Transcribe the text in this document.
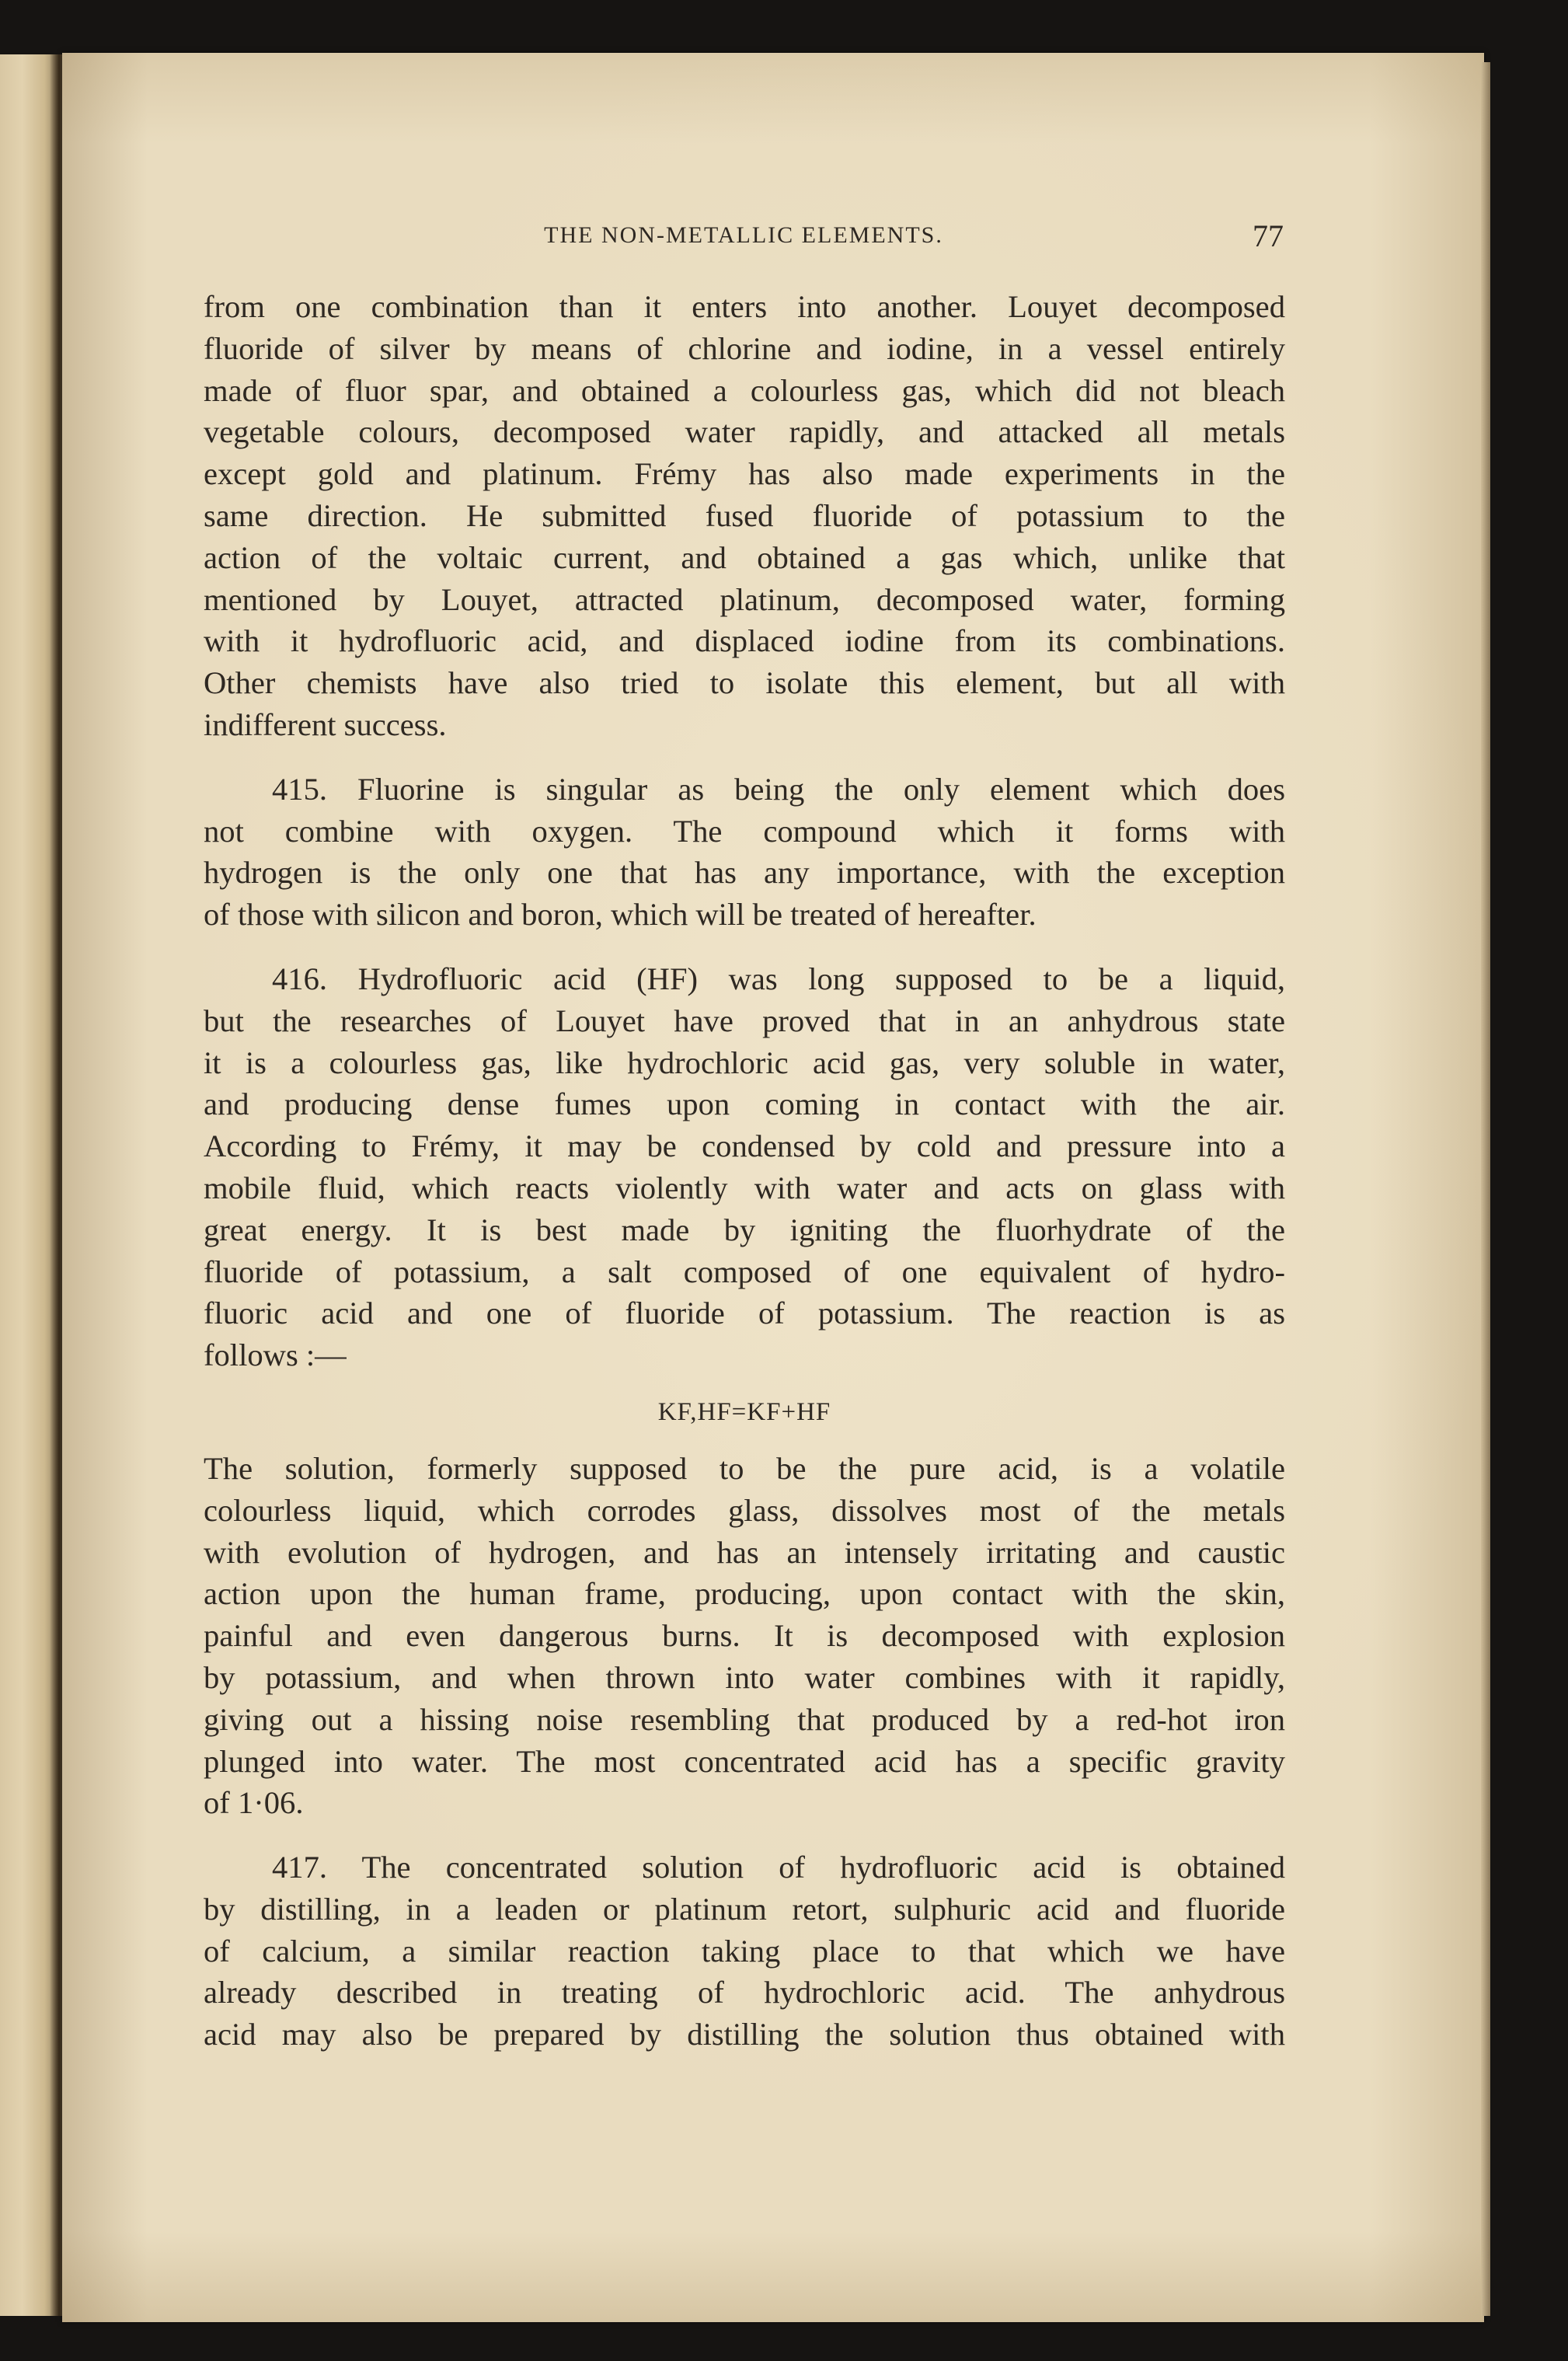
THE NON-METALLIC ELEMENTS.	77
from one combination than it enters into another. Louyet decomposed
fluoride of silver by means of chlorine and iodine, in a vessel entirely
made of fluor spar, and obtained a colourless gas, which did not bleach
vegetable colours, decomposed water rapidly, and attacked all metals
except gold and platinum. Frémy has also made experiments in the
same direction. He submitted fused fluoride of potassium to the
action of the voltaic current, and obtained a gas which, unlike that
mentioned by Louyet, attracted platinum, decomposed water, forming
with it hydrofluoric acid, and displaced iodine from its combinations.
Other chemists have also tried to isolate this element, but all with
indifferent success.
415. Fluorine is singular as being the only element which does
not combine with oxygen. The compound which it forms with
hydrogen is the only one that has any importance, with the exception
of those with silicon and boron, which will be treated of hereafter.
416. Hydrofluoric acid (HF) was long supposed to be a liquid,
but the researches of Louyet have proved that in an anhydrous state
it is a colourless gas, like hydrochloric acid gas, very soluble in water,
and producing dense fumes upon coming in contact with the air.
According to Frémy, it may be condensed by cold and pressure into a
mobile fluid, which reacts violently with water and acts on glass with
great energy. It is best made by igniting the fluorhydrate of the
fluoride of potassium, a salt composed of one equivalent of hydro-
fluoric acid and one of fluoride of potassium. The reaction is as
follows :—
KF,HF=KF+HF
The solution, formerly supposed to be the pure acid, is a volatile
colourless liquid, which corrodes glass, dissolves most of the metals
with evolution of hydrogen, and has an intensely irritating and caustic
action upon the human frame, producing, upon contact with the skin,
painful and even dangerous burns. It is decomposed with explosion
by potassium, and when thrown into water combines with it rapidly,
giving out a hissing noise resembling that produced by a red-hot iron
plunged into water. The most concentrated acid has a specific gravity
of 1·06.
417. The concentrated solution of hydrofluoric acid is obtained
by distilling, in a leaden or platinum retort, sulphuric acid and fluoride
of calcium, a similar reaction taking place to that which we have
already described in treating of hydrochloric acid. The anhydrous
acid may also be prepared by distilling the solution thus obtained with
